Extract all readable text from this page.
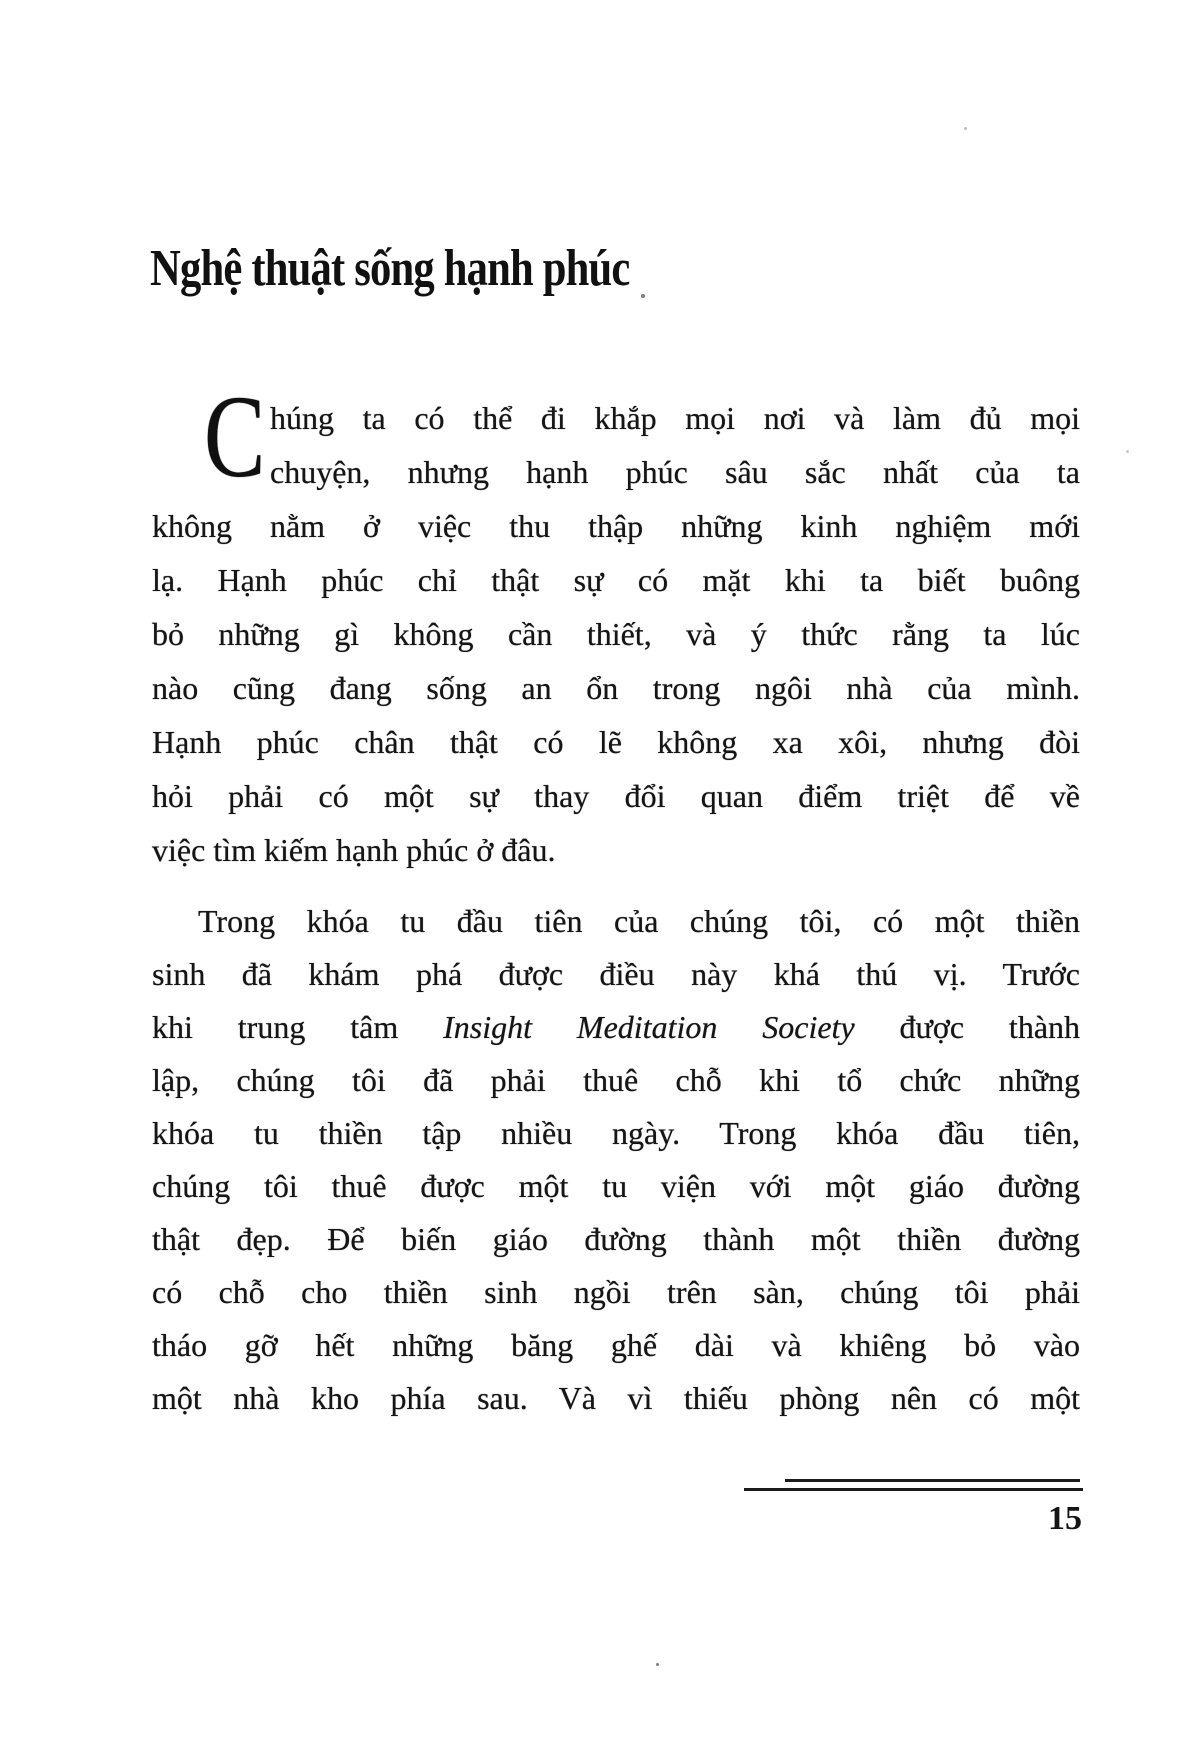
Nghệ thuật sống hạnh phúc
C húng ta có thể đi khắp mọi nơi và làm đủ mọi
chuyện, nhưng hạnh phúc sâu sắc nhất của ta
không nằm ở việc thu thập những kinh nghiệm mới
lạ. Hạnh phúc chỉ thật sự có mặt khi ta biết buông
bỏ những gì không cần thiết, và ý thức rằng ta lúc
nào cũng đang sống an ổn trong ngôi nhà của mình.
Hạnh phúc chân thật có lẽ không xa xôi, nhưng đòi
hỏi phải có một sự thay đổi quan điểm triệt để về
việc tìm kiếm hạnh phúc ở đâu.
Trong khóa tu đầu tiên của chúng tôi, có một thiền
sinh đã khám phá được điều này khá thú vị. Trước
khi trung tâm Insight Meditation Society được thành
lập, chúng tôi đã phải thuê chỗ khi tổ chức những
khóa tu thiền tập nhiều ngày. Trong khóa đầu tiên,
chúng tôi thuê được một tu viện với một giáo đường
thật đẹp. Để biến giáo đường thành một thiền đường
có chỗ cho thiền sinh ngồi trên sàn, chúng tôi phải
tháo gỡ hết những băng ghế dài và khiêng bỏ vào
một nhà kho phía sau. Và vì thiếu phòng nên có một
15
